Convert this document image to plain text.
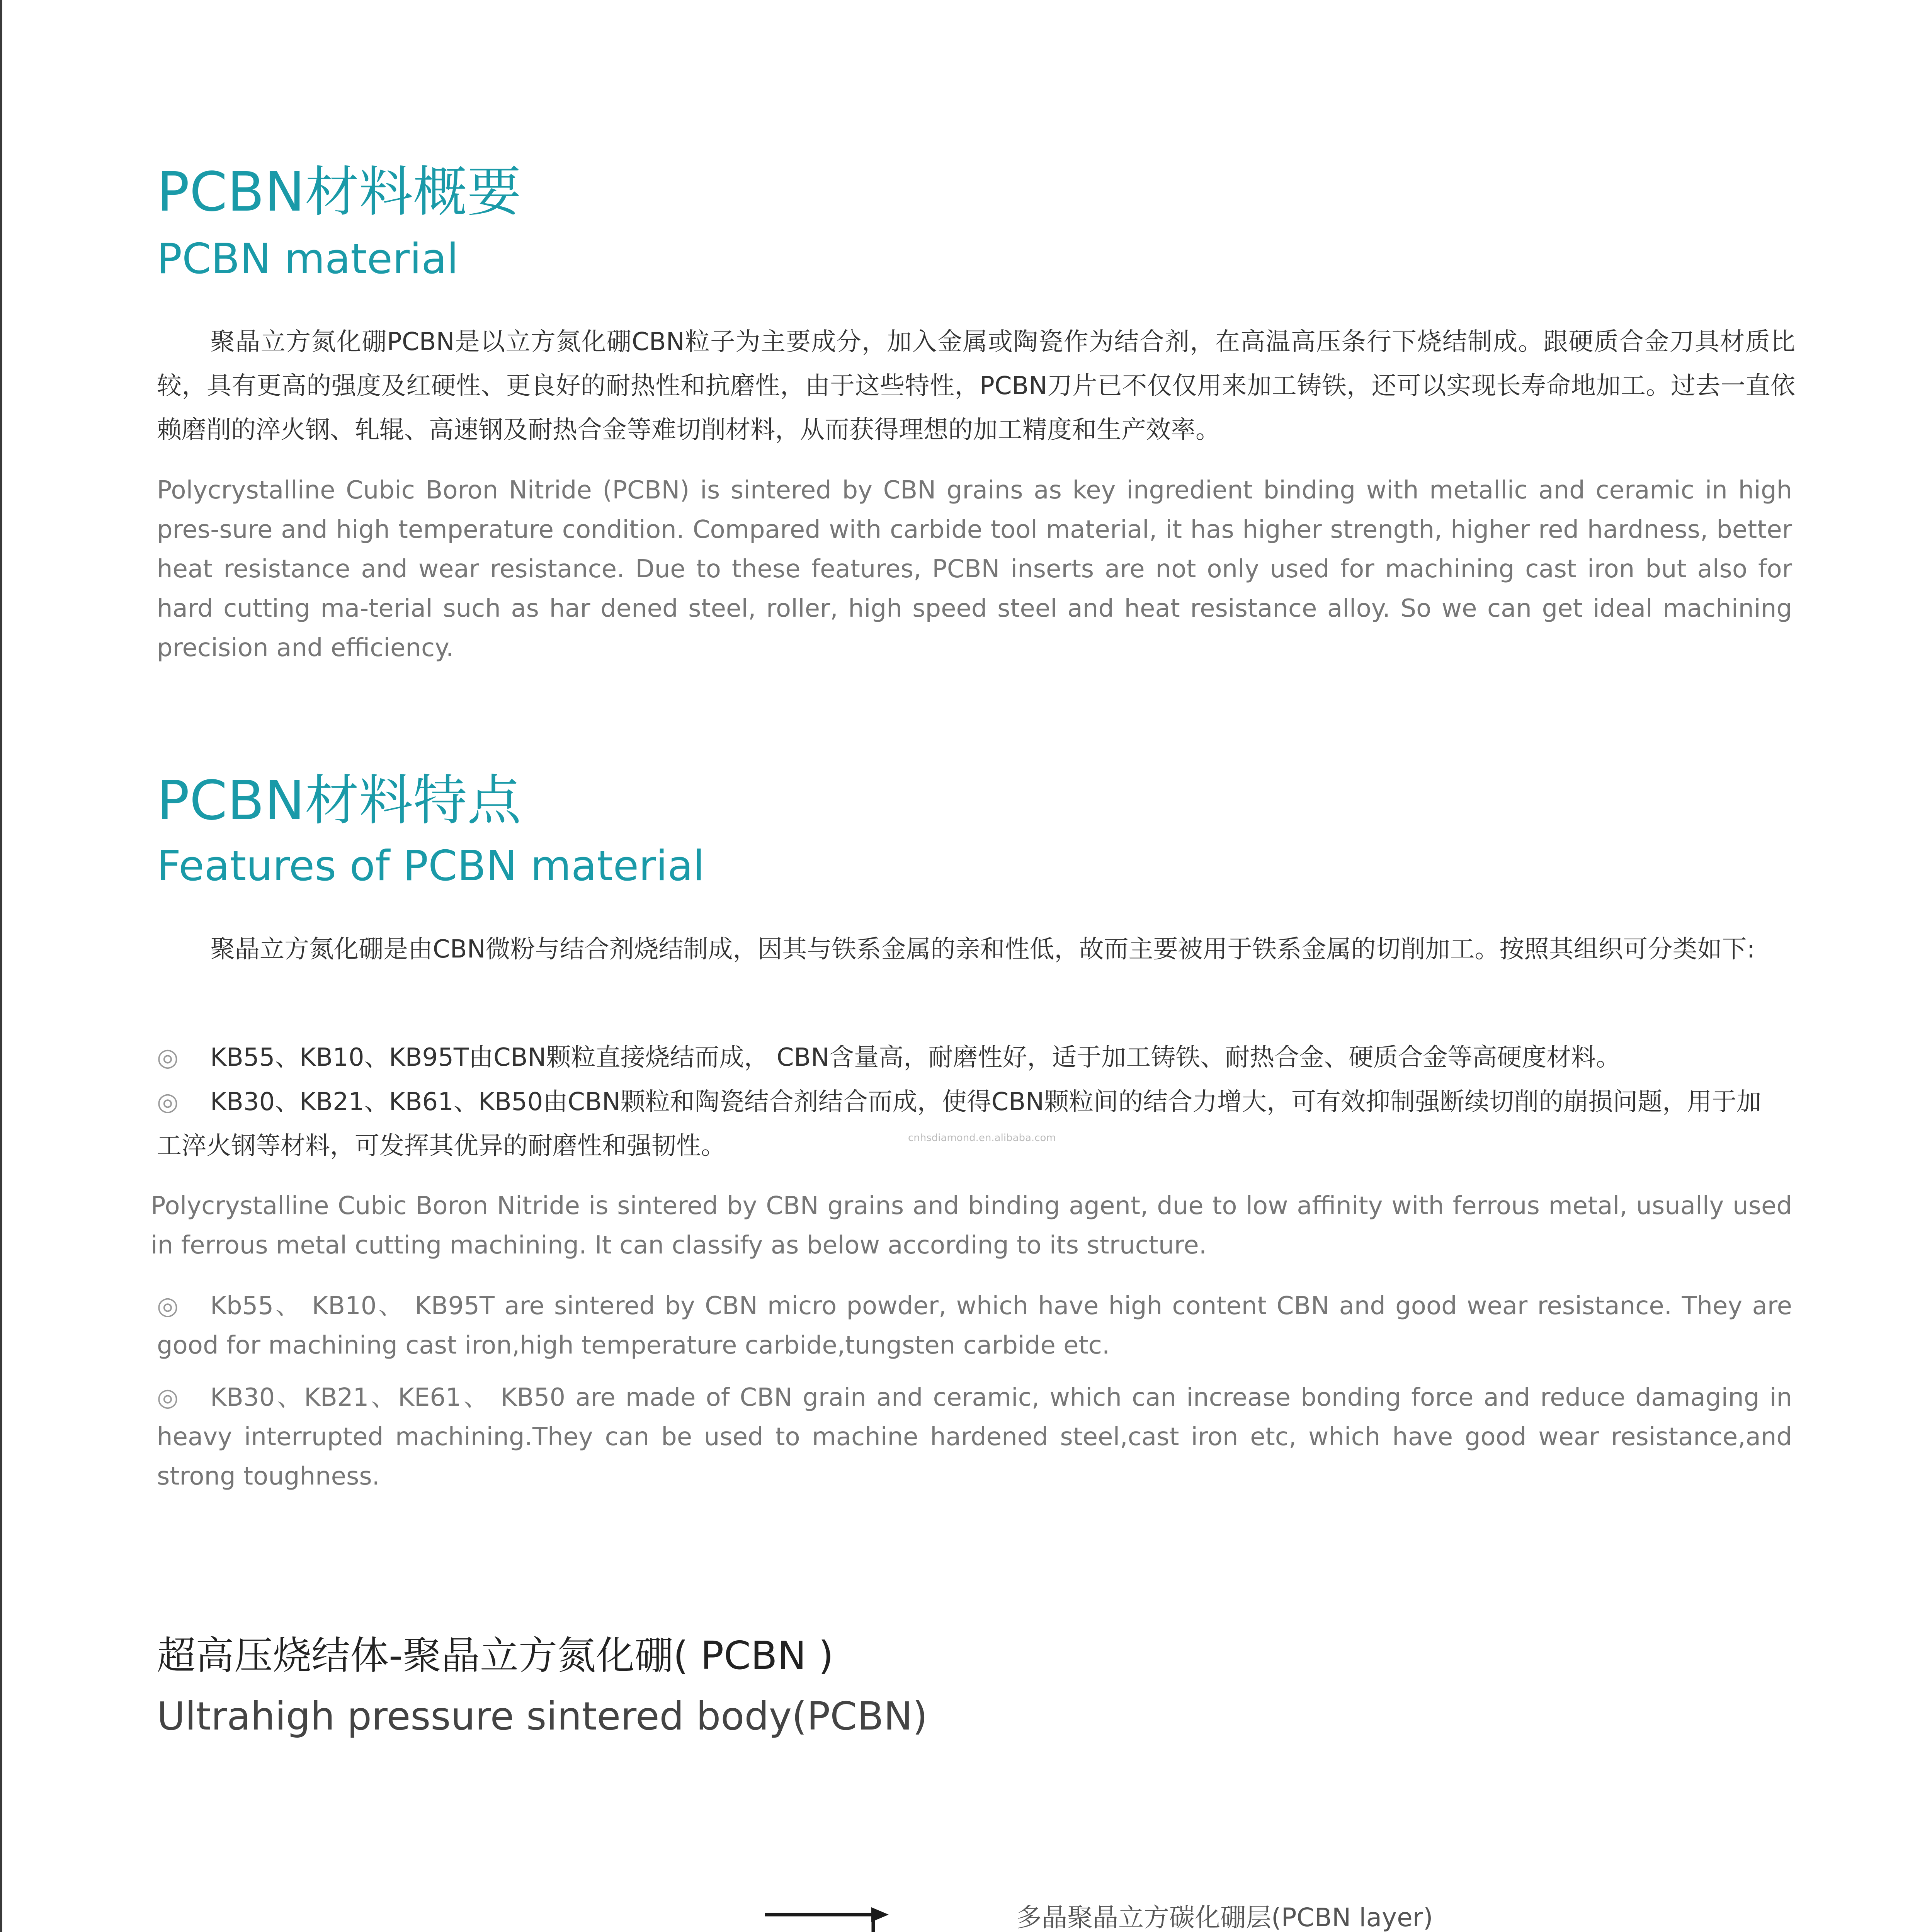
PCBN材料概要
PCBN material

聚晶立方氮化硼PCBN是以立方氮化硼CBN粒子为主要成分，加入金属或陶瓷作为结合剂，在高温高压条行下烧结制成。跟硬质合金刀具材质比较，具有更高的强度及红硬性、更良好的耐热性和抗磨性，由于这些特性，PCBN刀片已不仅仅用来加工铸铁，还可以实现长寿命地加工。过去一直依赖磨削的淬火钢、轧辊、高速钢及耐热合金等难切削材料，从而获得理想的加工精度和生产效率。

Polycrystalline Cubic Boron Nitride (PCBN) is sintered by CBN grains as key ingredient binding with metallic and ceramic in high pres-sure and high temperature condition. Compared with carbide tool material, it has higher strength, higher red hardness, better heat resistance and wear resistance. Due to these features, PCBN inserts are not only used for machining cast iron but also for hard cutting ma-terial such as har dened steel, roller, high speed steel and heat resistance alloy. So we can get ideal machining precision and efficiency.

PCBN材料特点
Features of PCBN material

聚晶立方氮化硼是由CBN微粉与结合剂烧结制成，因其与铁系金属的亲和性低，故而主要被用于铁系金属的切削加工。按照其组织可分类如下:

◎ KB55、KB10、KB95T由CBN颗粒直接烧结而成， CBN含量高，耐磨性好，适于加工铸铁、耐热合金、硬质合金等高硬度材料。

◎ KB30、KB21、KB61、KB50由CBN颗粒和陶瓷结合剂结合而成，使得CBN颗粒间的结合力增大，可有效抑制强断续切削的崩损问题，用于加工淬火钢等材料，可发挥其优异的耐磨性和强韧性。	cnhsdiamond.en.alibaba.com

Polycrystalline Cubic Boron Nitride is sintered by CBN grains and binding agent, due to low affinity with ferrous metal, usually used in ferrous metal cutting machining. It can classify as below according to its structure.

◎ Kb55、 KB10、 KB95T are sintered by CBN micro powder, which have high content CBN and good wear resistance. They are good for machining cast iron,high temperature carbide,tungsten carbide etc.

◎ KB30、KB21、KE61、 KB50 are made of CBN grain and ceramic, which can increase bonding force and reduce damaging in heavy interrupted machining.They can be used to machine hardened steel,cast iron etc, which have good wear resistance,and strong toughness.

超高压烧结体-聚晶立方氮化硼( PCBN )
Ultrahigh pressure sintered body(PCBN)
多晶聚晶立方碳化硼层(PCBN layer)
